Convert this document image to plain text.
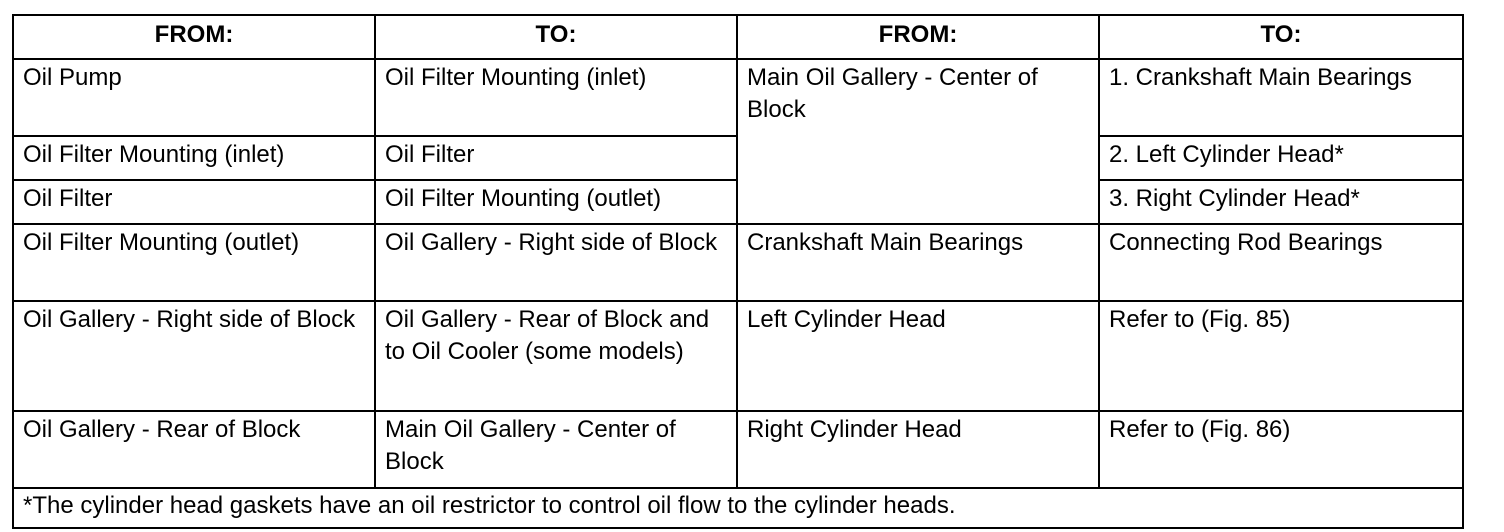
FROM:	TO:	FROM:	TO:
Oil Pump	Oil Filter Mounting (inlet)	Main Oil Gallery - Center of Block	1. Crankshaft Main Bearings
Oil Filter Mounting (inlet)	Oil Filter		2. Left Cylinder Head*
Oil Filter	Oil Filter Mounting (outlet)		3. Right Cylinder Head*
Oil Filter Mounting (outlet)	Oil Gallery - Right side of Block	Crankshaft Main Bearings	Connecting Rod Bearings
Oil Gallery - Right side of Block	Oil Gallery - Rear of Block and to Oil Cooler (some models)	Left Cylinder Head	Refer to (Fig. 85)
Oil Gallery - Rear of Block	Main Oil Gallery - Center of Block	Right Cylinder Head	Refer to (Fig. 86)
*The cylinder head gaskets have an oil restrictor to control oil flow to the cylinder heads.			
